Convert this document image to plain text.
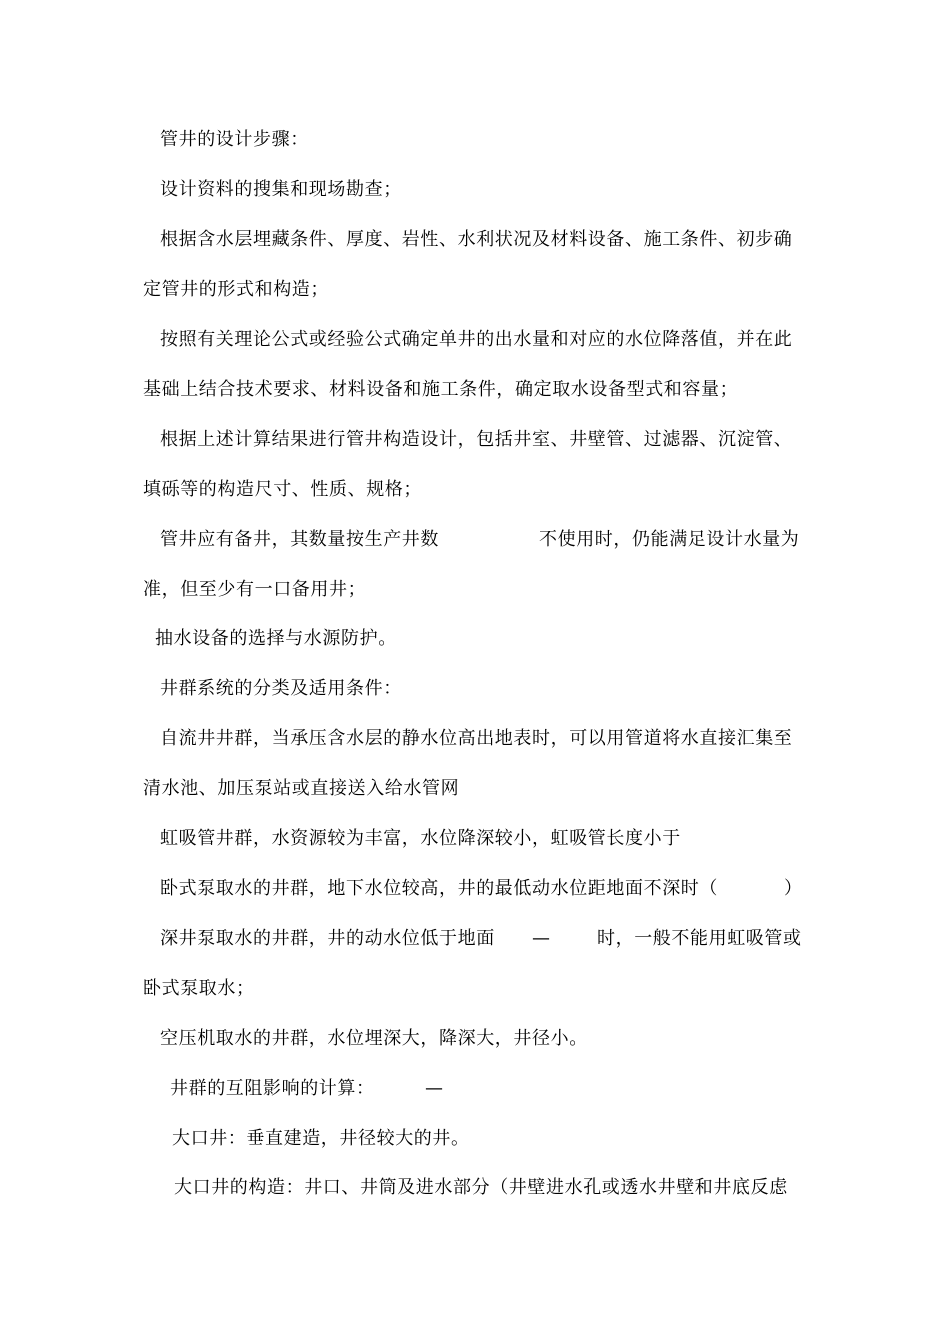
管井的设计步骤：
设计资料的搜集和现场勘查；
根据含水层埋藏条件、厚度、岩性、水利状况及材料设备、施工条件、初步确
定管井的形式和构造；
按照有关理论公式或经验公式确定单井的出水量和对应的水位降落值，并在此
基础上结合技术要求、材料设备和施工条件，确定取水设备型式和容量；
根据上述计算结果进行管井构造设计，包括井室、井壁管、过滤器、沉淀管、
填砾等的构造尺寸、性质、规格；
管井应有备井，其数量按生产井数	不使用时，仍能满足设计水量为
准，但至少有一口备用井；
抽水设备的选择与水源防护。
井群系统的分类及适用条件：
自流井井群，当承压含水层的静水位高出地表时，可以用管道将水直接汇集至
清水池、加压泵站或直接送入给水管网
虹吸管井群，水资源较为丰富，水位降深较小，虹吸管长度小于
卧式泵取水的井群，地下水位较高，井的最低动水位距地面不深时（	）
深井泵取水的井群，井的动水位低于地面 —	时，一般不能用虹吸管或
卧式泵取水；
空压机取水的井群，水位埋深大，降深大，井径小。
井群的互阻影响的计算：	—
大口井：垂直建造，井径较大的井。
大口井的构造：井口、井筒及进水部分（井壁进水孔或透水井壁和井底反虑
